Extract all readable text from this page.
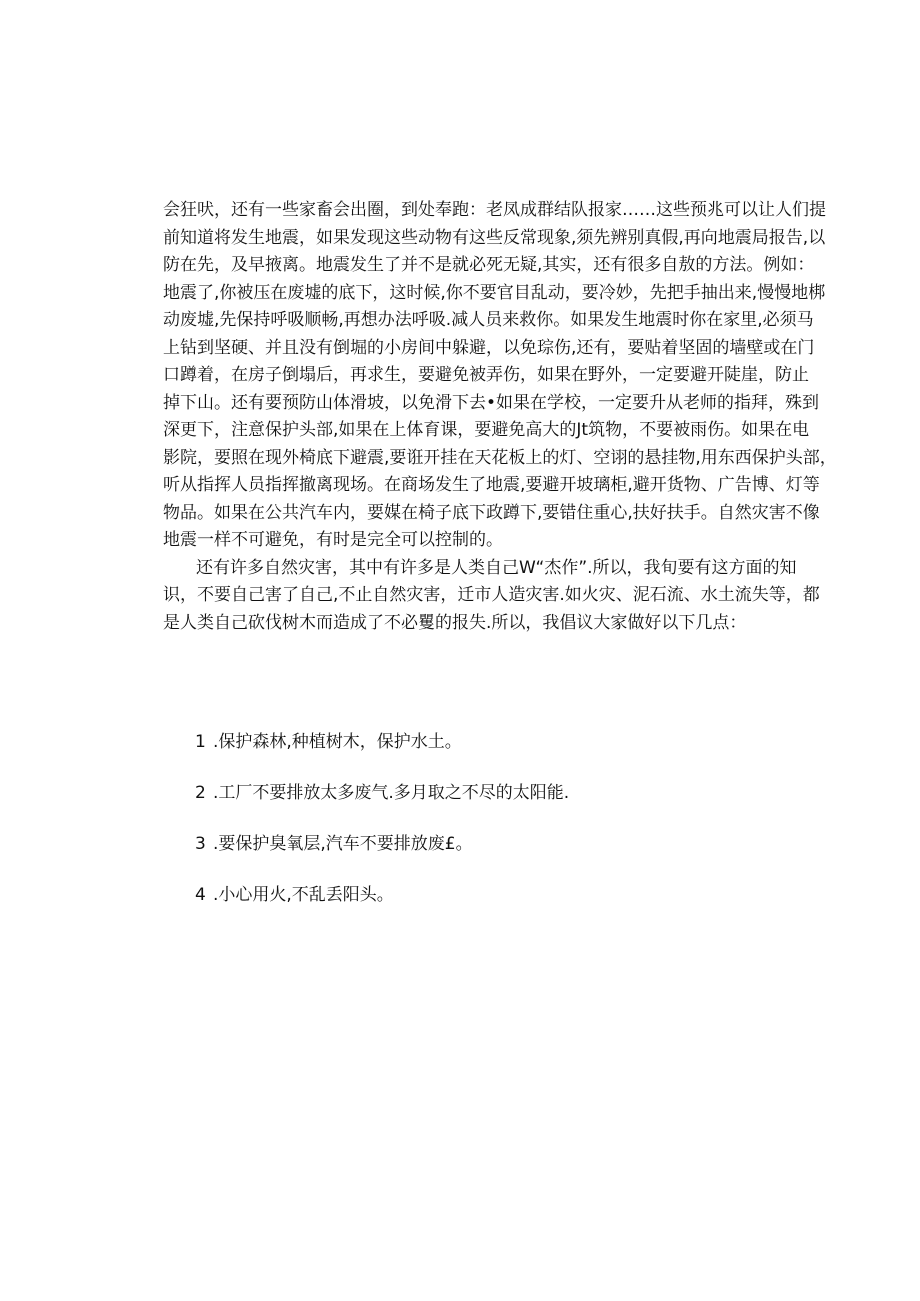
会狂吠，还有一些家畜会出圈，到处奉跑：老凤成群结队报家……这些预兆可以让人们提
前知道将发生地震，如果发现这些动物有这些反常现象,须先辨别真假,再向地震局报告,以
防在先，及早掖离。地震发生了并不是就必死无疑,其实，还有很多自敖的方法。例如：
地震了,你被压在废墟的底下，这时候,你不要官目乱动，要冷妙，先把手抽出来,慢慢地梆
动废墟,先保持呼吸顺畅,再想办法呼吸.减人员来救你。如果发生地震时你在家里,必须马
上钻到坚硬、并且没有倒堀的小房间中躲避，以免琮伤,还有，要贴着坚固的墙壁或在门
口蹲着，在房子倒塌后，再求生，要避免被弄伤，如果在野外，一定要避开陡崖，防止
掉下山。还有要预防山体滑坡，以免滑下去•如果在学校，一定要升从老师的指拜，殊到
深更下，注意保护头部,如果在上体育课，要避免高大的Jt筑物，不要被雨伤。如果在电
影院，要照在现外椅底下避震,要诳开挂在天花板上的灯、空诩的悬挂物,用东西保护头部，
听从指挥人员指挥撤离现场。在商场发生了地震,要避开坡璃柜,避开货物、广告博、灯等
物品。如果在公共汽车内，要媒在椅子底下政蹲下,要错住重心,扶好扶手。自然灾害不像
地震一样不可避免，有时是完全可以控制的。
还有许多自然灾害，其中有许多是人类自己W“杰作”.所以，我旬要有这方面的知
识，不要自己害了自己,不止自然灾害，迁市人造灾害.如火灾、泥石流、水土流失等，都
是人类自己砍伐树木而造成了不必矍的报失.所以，我倡议大家做好以下几点：
1 .保护森林,种植树木，保护水土。
2 .工厂不要排放太多废气.多月取之不尽的太阳能.
3 .要保护臭氧层,汽车不要排放废£。
4 .小心用火,不乱丢阳头。
